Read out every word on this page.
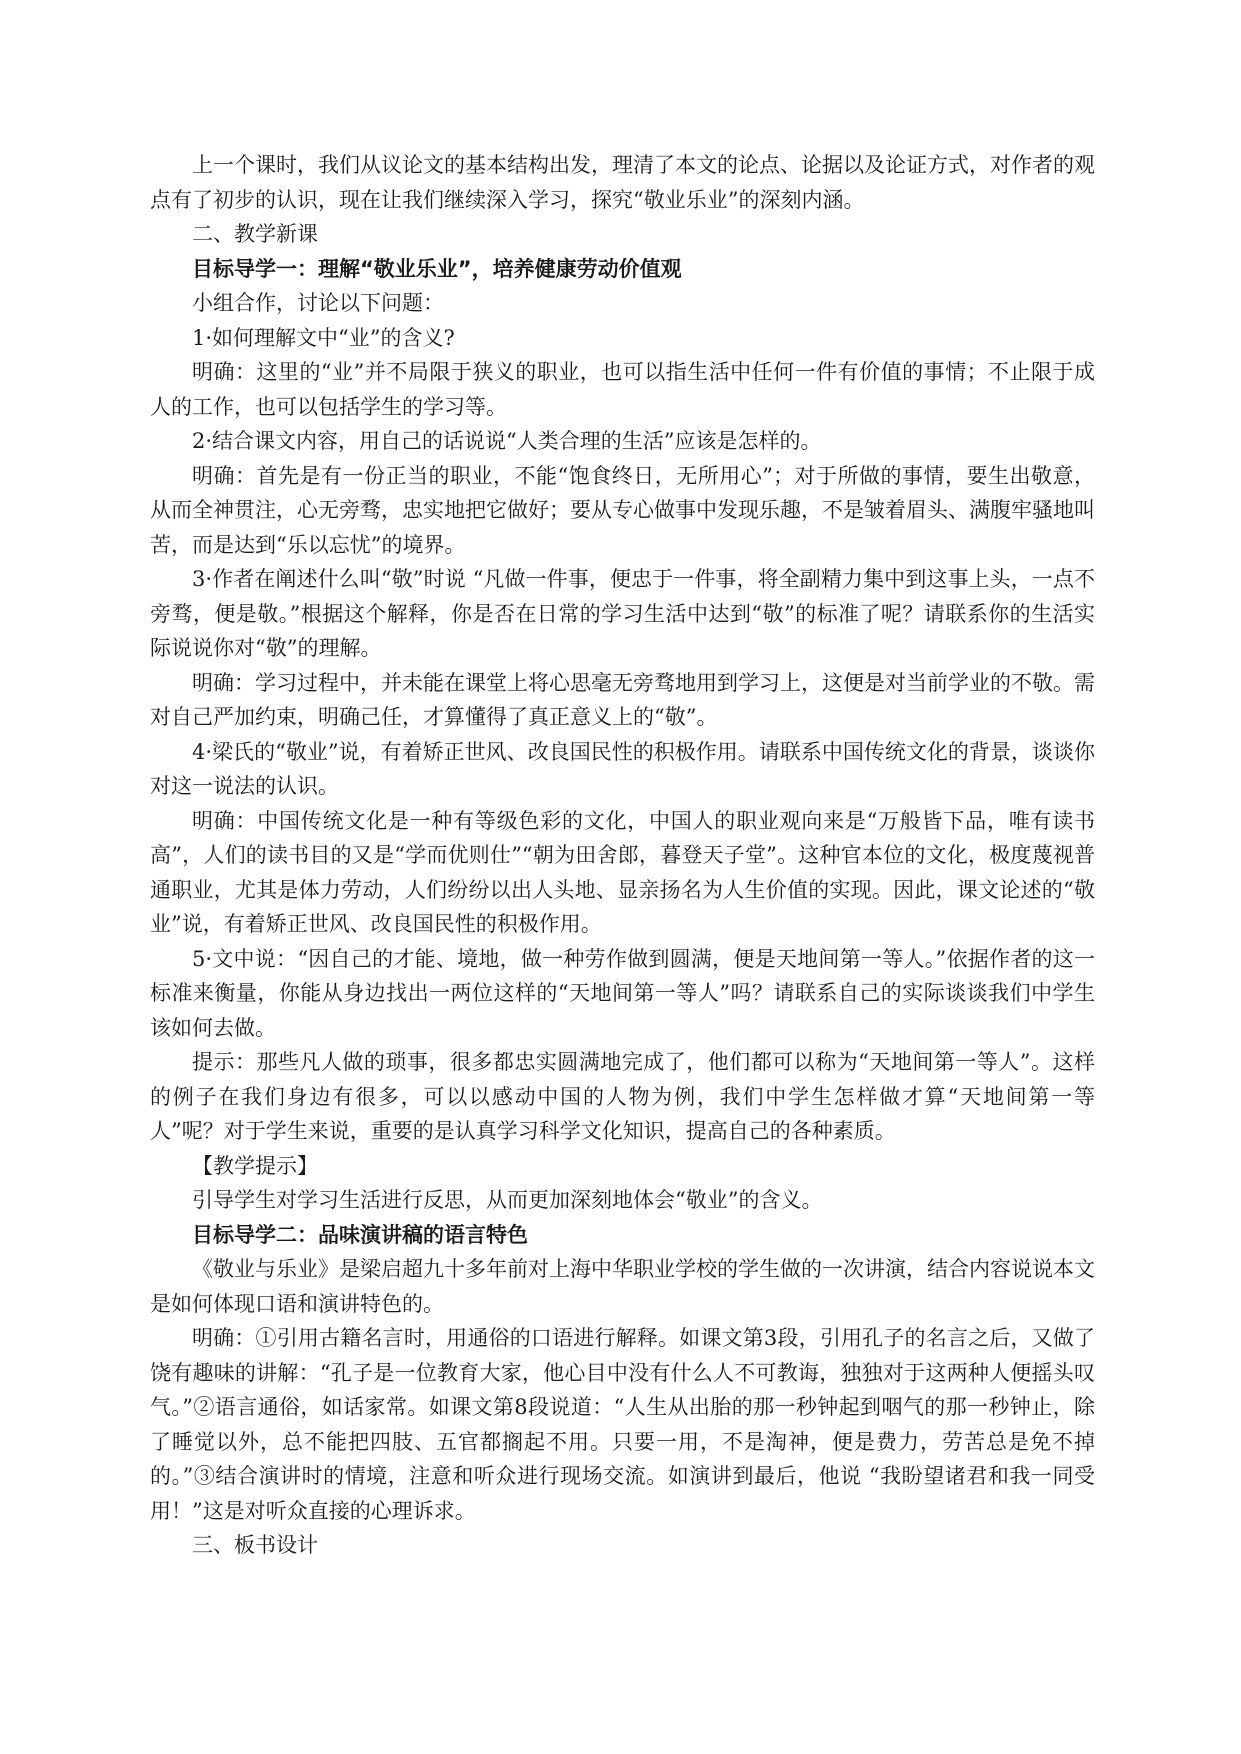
上一个课时，我们从议论文的基本结构出发，理清了本文的论点、论据以及论证方式，对作者的观点有了初步的认识，现在让我们继续深入学习，探究“敬业乐业”的深刻内涵。

二、教学新课

目标导学一：理解“敬业乐业”，培养健康劳动价值观

小组合作，讨论以下问题：

1·如何理解文中“业”的含义?

明确：这里的“业”并不局限于狭义的职业，也可以指生活中任何一件有价值的事情；不止限于成人的工作，也可以包括学生的学习等。

2·结合课文内容，用自己的话说说“人类合理的生活”应该是怎样的。

明确：首先是有一份正当的职业，不能“饱食终日，无所用心”；对于所做的事情，要生出敬意，从而全神贯注，心无旁骛，忠实地把它做好；要从专心做事中发现乐趣，不是皱着眉头、满腹牢骚地叫苦，而是达到“乐以忘忧”的境界。

3·作者在阐述什么叫“敬”时说 “凡做一件事，便忠于一件事，将全副精力集中到这事上头，一点不旁骛，便是敬。”根据这个解释，你是否在日常的学习生活中达到“敬”的标准了呢？请联系你的生活实际说说你对“敬”的理解。

明确：学习过程中，并未能在课堂上将心思毫无旁骛地用到学习上，这便是对当前学业的不敬。需对自己严加约束，明确己任，才算懂得了真正意义上的“敬”。

4·梁氏的“敬业”说，有着矫正世风、改良国民性的积极作用。请联系中国传统文化的背景，谈谈你对这一说法的认识。

明确：中国传统文化是一种有等级色彩的文化，中国人的职业观向来是“万般皆下品，唯有读书高”，人们的读书目的又是“学而优则仕”“朝为田舍郎，暮登天子堂”。这种官本位的文化，极度蔑视普通职业，尤其是体力劳动，人们纷纷以出人头地、显亲扬名为人生价值的实现。因此，课文论述的“敬业”说，有着矫正世风、改良国民性的积极作用。

5·文中说：“因自己的才能、境地，做一种劳作做到圆满，便是天地间第一等人。”依据作者的这一标准来衡量，你能从身边找出一两位这样的“天地间第一等人”吗？请联系自己的实际谈谈我们中学生该如何去做。

提示：那些凡人做的琐事，很多都忠实圆满地完成了，他们都可以称为“天地间第一等人”。这样的例子在我们身边有很多，可以以感动中国的人物为例，我们中学生怎样做才算“天地间第一等人”呢？对于学生来说，重要的是认真学习科学文化知识，提高自己的各种素质。

【教学提示】

引导学生对学习生活进行反思，从而更加深刻地体会“敬业”的含义。

目标导学二：品味演讲稿的语言特色

《敬业与乐业》是梁启超九十多年前对上海中华职业学校的学生做的一次讲演，结合内容说说本文是如何体现口语和演讲特色的。

明确：①引用古籍名言时，用通俗的口语进行解释。如课文第3段，引用孔子的名言之后，又做了饶有趣味的讲解：“孔子是一位教育大家，他心目中没有什么人不可教诲，独独对于这两种人便摇头叹气。”②语言通俗，如话家常。如课文第8段说道：“人生从出胎的那一秒钟起到咽气的那一秒钟止，除了睡觉以外，总不能把四肢、五官都搁起不用。只要一用，不是淘神，便是费力，劳苦总是免不掉的。”③结合演讲时的情境，注意和听众进行现场交流。如演讲到最后，他说 “我盼望诸君和我一同受用！”这是对听众直接的心理诉求。

三、板书设计
